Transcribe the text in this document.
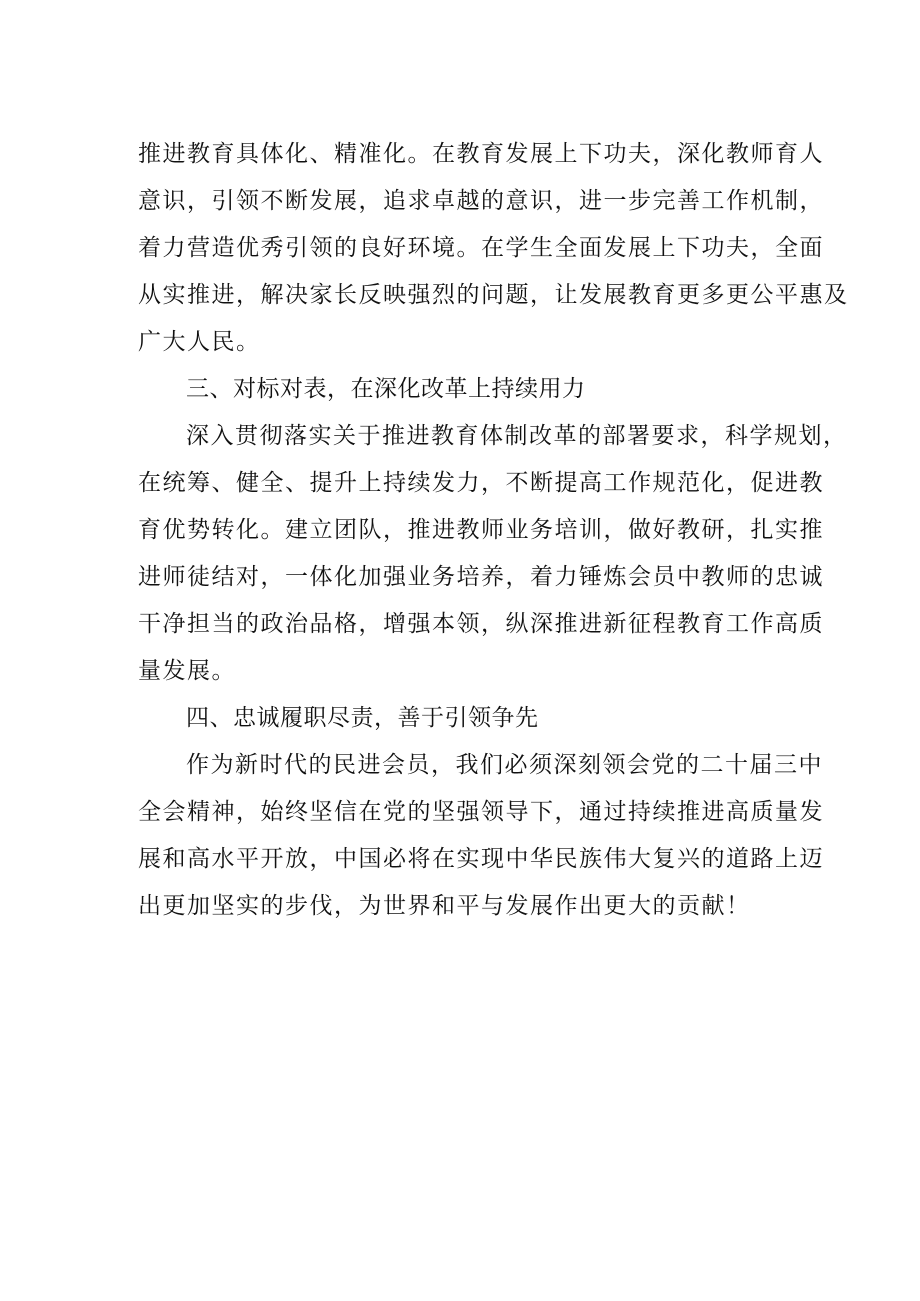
推进教育具体化、精准化。在教育发展上下功夫，深化教师育人
意识，引领不断发展，追求卓越的意识，进一步完善工作机制，
着力营造优秀引领的良好环境。在学生全面发展上下功夫，全面
从实推进，解决家长反映强烈的问题，让发展教育更多更公平惠及
广大人民。
三、对标对表，在深化改革上持续用力
深入贯彻落实关于推进教育体制改革的部署要求，科学规划，
在统筹、健全、提升上持续发力，不断提高工作规范化，促进教
育优势转化。建立团队，推进教师业务培训，做好教研，扎实推
进师徒结对，一体化加强业务培养，着力锤炼会员中教师的忠诚
干净担当的政治品格，增强本领，纵深推进新征程教育工作高质
量发展。
四、忠诚履职尽责，善于引领争先
作为新时代的民进会员，我们必须深刻领会党的二十届三中
全会精神，始终坚信在党的坚强领导下，通过持续推进高质量发
展和高水平开放，中国必将在实现中华民族伟大复兴的道路上迈
出更加坚实的步伐，为世界和平与发展作出更大的贡献！
